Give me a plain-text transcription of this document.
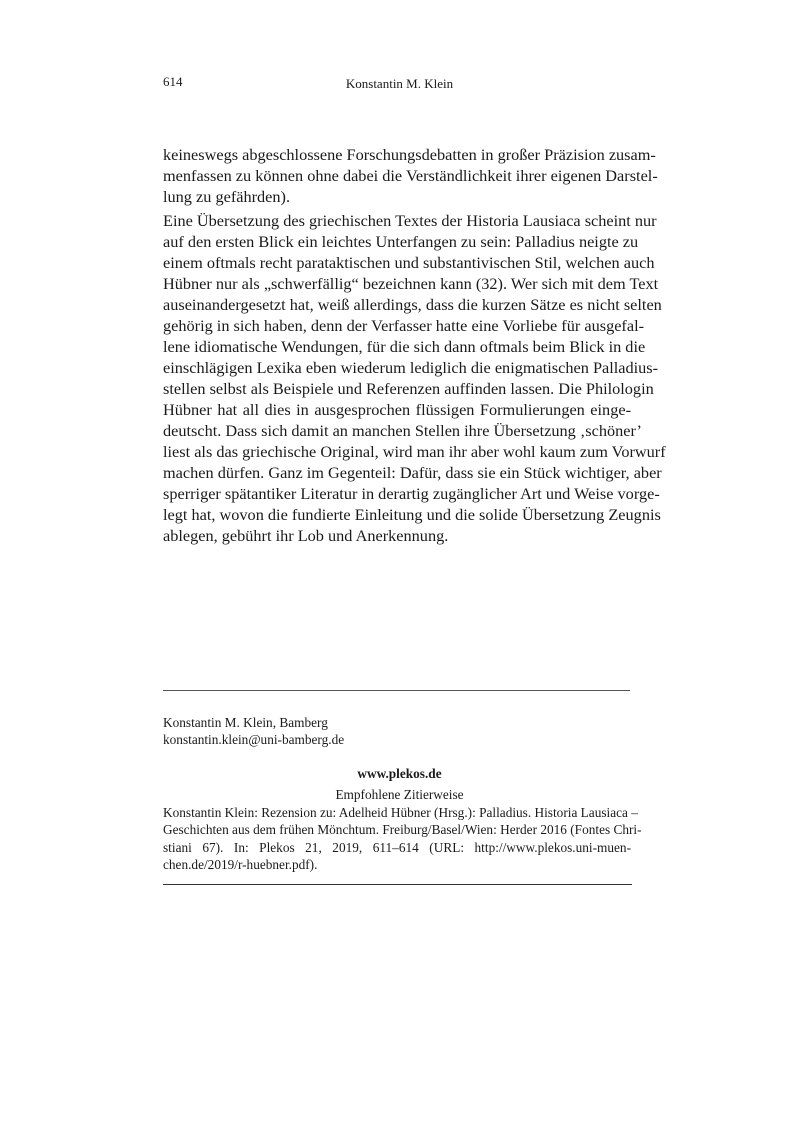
614	Konstantin M. Klein
keineswegs abgeschlossene Forschungsdebatten in großer Präzision zusam-
menfassen zu können ohne dabei die Verständlichkeit ihrer eigenen Darstel-
lung zu gefährden).
Eine Übersetzung des griechischen Textes der Historia Lausiaca scheint nur
auf den ersten Blick ein leichtes Unterfangen zu sein: Palladius neigte zu
einem oftmals recht parataktischen und substantivischen Stil, welchen auch
Hübner nur als „schwerfällig“ bezeichnen kann (32). Wer sich mit dem Text
auseinandergesetzt hat, weiß allerdings, dass die kurzen Sätze es nicht selten
gehörig in sich haben, denn der Verfasser hatte eine Vorliebe für ausgefal-
lene idiomatische Wendungen, für die sich dann oftmals beim Blick in die
einschlägigen Lexika eben wiederum lediglich die enigmatischen Palladius-
stellen selbst als Beispiele und Referenzen auffinden lassen. Die Philologin
Hübner hat all dies in ausgesprochen flüssigen Formulierungen einge-
deutscht. Dass sich damit an manchen Stellen ihre Übersetzung ‚schöner’
liest als das griechische Original, wird man ihr aber wohl kaum zum Vorwurf
machen dürfen. Ganz im Gegenteil: Dafür, dass sie ein Stück wichtiger, aber
sperriger spätantiker Literatur in derartig zugänglicher Art und Weise vorge-
legt hat, wovon die fundierte Einleitung und die solide Übersetzung Zeugnis
ablegen, gebührt ihr Lob und Anerkennung.
Konstantin M. Klein, Bamberg
konstantin.klein@uni-bamberg.de
www.plekos.de
Empfohlene Zitierweise
Konstantin Klein: Rezension zu: Adelheid Hübner (Hrsg.): Palladius. Historia Lausiaca –
Geschichten aus dem frühen Mönchtum. Freiburg/Basel/Wien: Herder 2016 (Fontes Chri-
stiani 67). In: Plekos 21, 2019, 611–614 (URL: http://www.plekos.uni-muen-
chen.de/2019/r-huebner.pdf).
